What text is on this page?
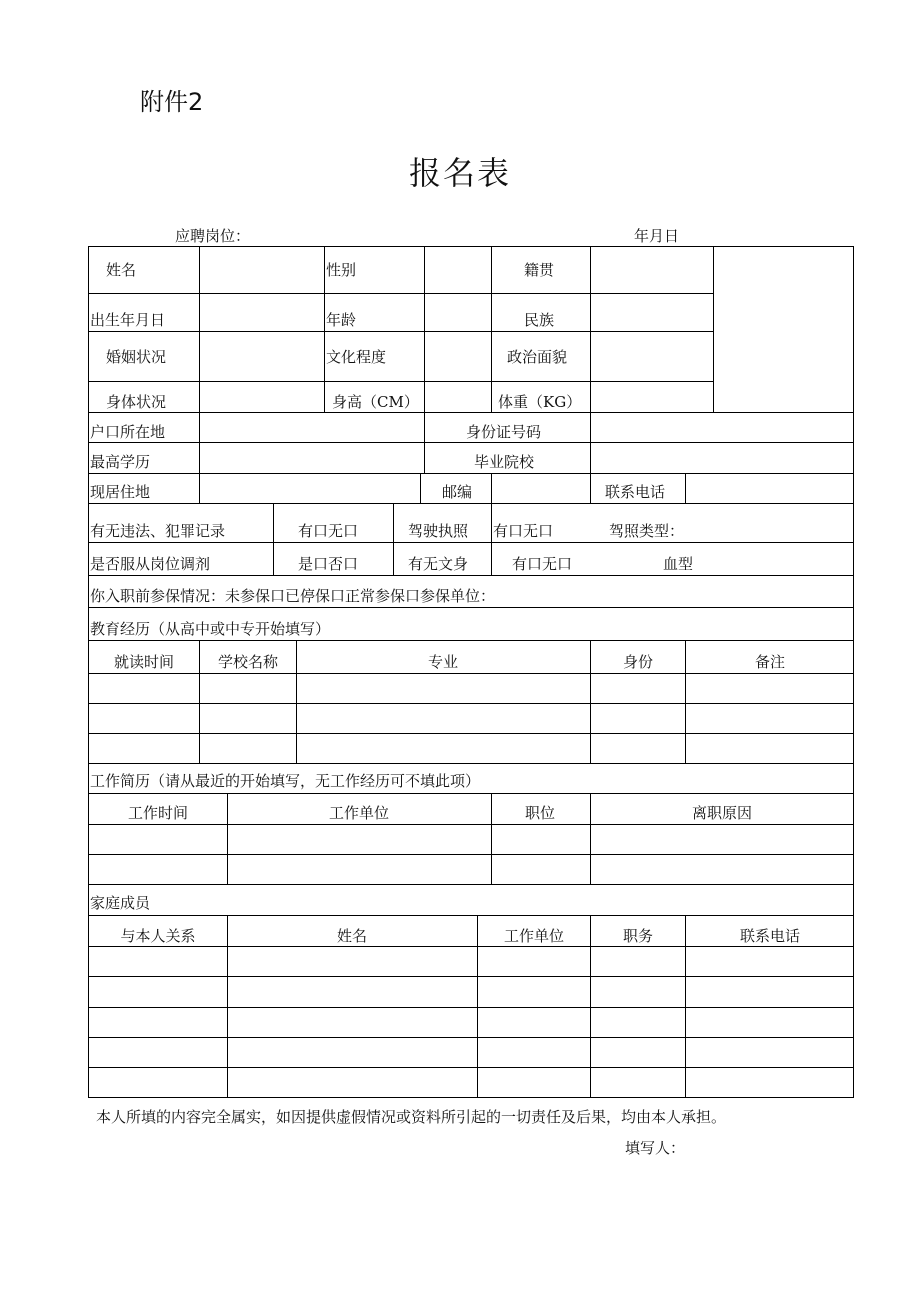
附件2
报名表
应聘岗位：	年月日
姓名	性别	籍贯
出生年月日	年龄	民族
婚姻状况	文化程度	政治面貌
身体状况	身高（CM）	体重（KG）
户口所在地	身份证号码
最高学历	毕业院校
现居住地	邮编	联系电话
有无违法、犯罪记录	有口无口	驾驶执照 有口无口	驾照类型：
是否服从岗位调剂	是口否口	有无文身	有口无口	血型
你入职前参保情况：未参保口已停保口正常参保口参保单位：
教育经历（从高中或中专开始填写）
就读时间	学校名称	专业	身份	备注
工作简历（请从最近的开始填写，无工作经历可不填此项）
工作时间	工作单位	职位	离职原因
家庭成员
与本人关系	姓名	工作单位	职务	联系电话
本人所填的内容完全属实，如因提供虚假情况或资料所引起的一切责任及后果，均由本人承担。
填写人：
